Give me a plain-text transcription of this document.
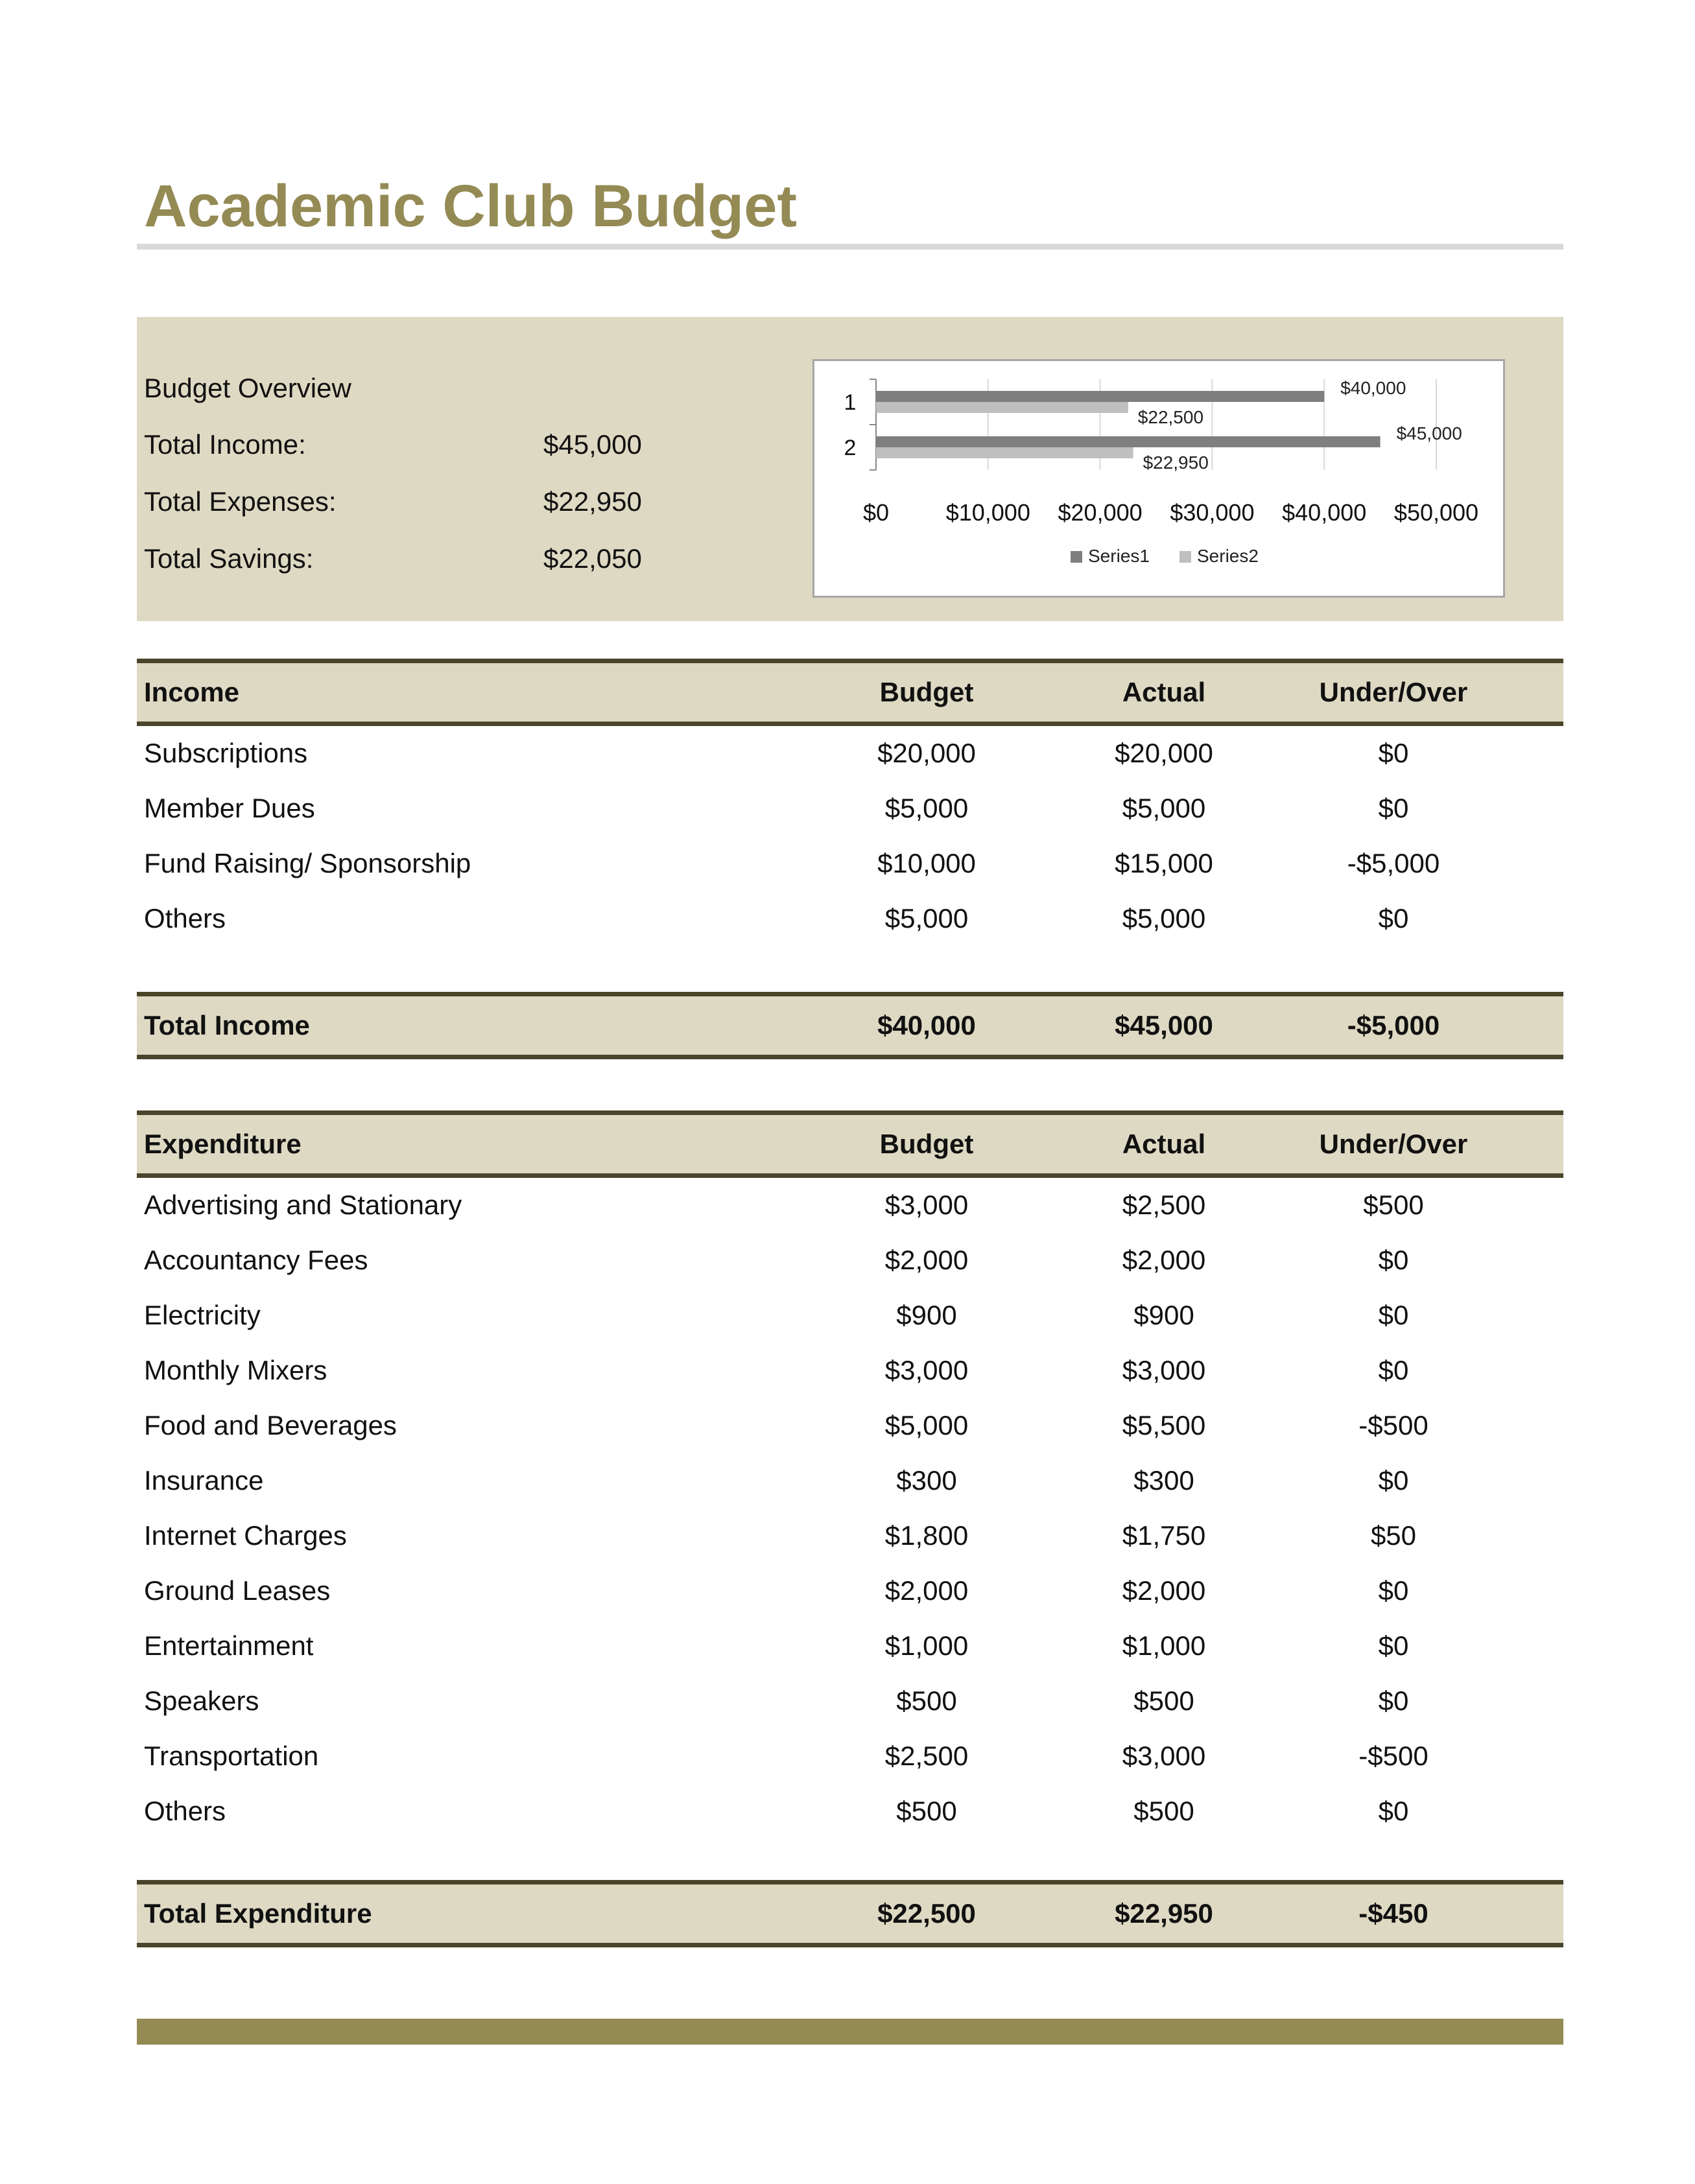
Academic Club Budget
Budget Overview
Total Income:	$45,000
Total Expenses:	$22,950
Total Savings:	$22,050
1
$40,000
$22,500
2
$45,000
$22,950
$0 $10,000 $20,000 $30,000 $40,000 $50,000
Series1	Series2
Income	Budget	Actual	Under/Over
Subscriptions	$20,000	$20,000	$0
Member Dues	$5,000	$5,000	$0
Fund Raising/ Sponsorship	$10,000	$15,000	-$5,000
Others	$5,000	$5,000	$0
Total Income	$40,000	$45,000	-$5,000
Expenditure	Budget	Actual	Under/Over
Advertising and Stationary	$3,000	$2,500	$500
Accountancy Fees	$2,000	$2,000	$0
Electricity	$900	$900	$0
Monthly Mixers	$3,000	$3,000	$0
Food and Beverages	$5,000	$5,500	-$500
Insurance	$300	$300	$0
Internet Charges	$1,800	$1,750	$50
Ground Leases	$2,000	$2,000	$0
Entertainment	$1,000	$1,000	$0
Speakers	$500	$500	$0
Transportation	$2,500	$3,000	-$500
Others	$500	$500	$0
Total Expenditure	$22,500	$22,950	-$450
